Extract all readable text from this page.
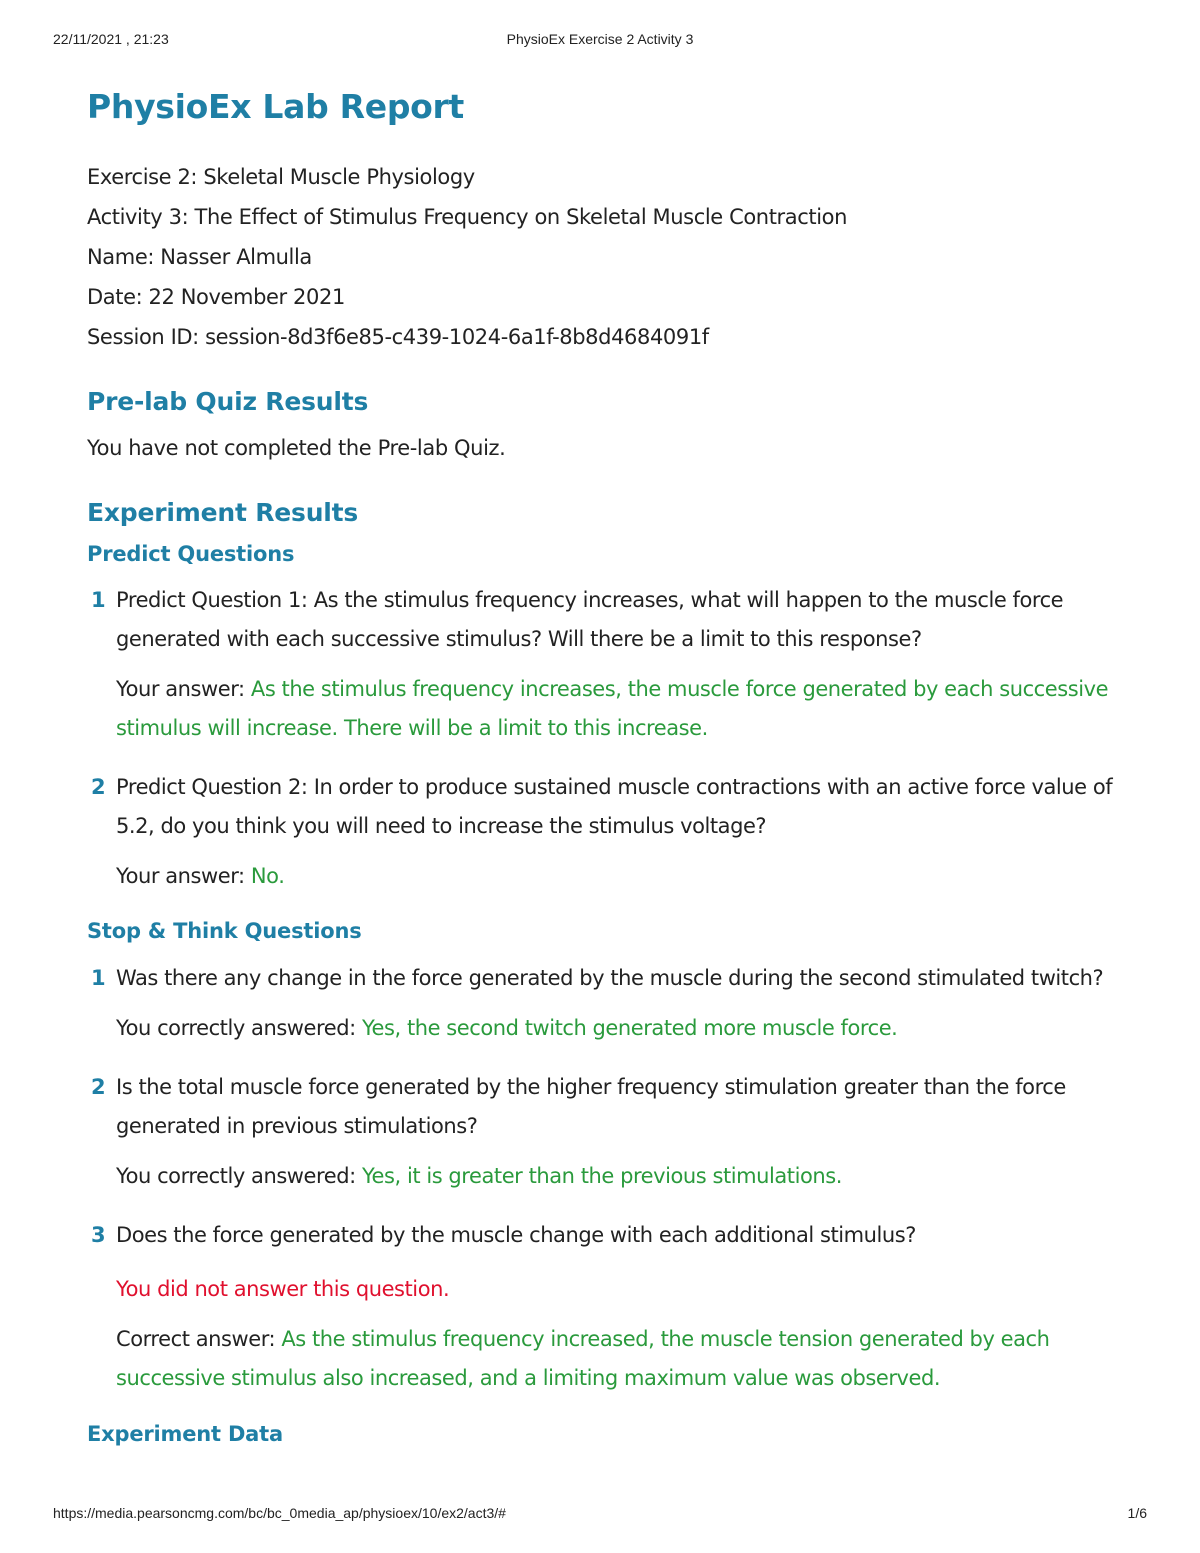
22/11/2021 , 21:23	PhysioEx Exercise 2 Activity 3
PhysioEx Lab Report
Exercise 2: Skeletal Muscle Physiology
Activity 3: The Effect of Stimulus Frequency on Skeletal Muscle Contraction
Name: Nasser Almulla
Date: 22 November 2021
Session ID: session-8d3f6e85-c439-1024-6a1f-8b8d4684091f
Pre-lab Quiz Results
You have not completed the Pre-lab Quiz.
Experiment Results
Predict Questions
1 Predict Question 1: As the stimulus frequency increases, what will happen to the muscle force generated with each successive stimulus? Will there be a limit to this response?
Your answer: As the stimulus frequency increases, the muscle force generated by each successive stimulus will increase. There will be a limit to this increase.
2 Predict Question 2: In order to produce sustained muscle contractions with an active force value of 5.2, do you think you will need to increase the stimulus voltage?
Your answer: No.
Stop & Think Questions
1 Was there any change in the force generated by the muscle during the second stimulated twitch?
You correctly answered: Yes, the second twitch generated more muscle force.
2 Is the total muscle force generated by the higher frequency stimulation greater than the force generated in previous stimulations?
You correctly answered: Yes, it is greater than the previous stimulations.
3 Does the force generated by the muscle change with each additional stimulus?
You did not answer this question.
Correct answer: As the stimulus frequency increased, the muscle tension generated by each successive stimulus also increased, and a limiting maximum value was observed.
Experiment Data
https://media.pearsoncmg.com/bc/bc_0media_ap/physioex/10/ex2/act3/#	1/6
